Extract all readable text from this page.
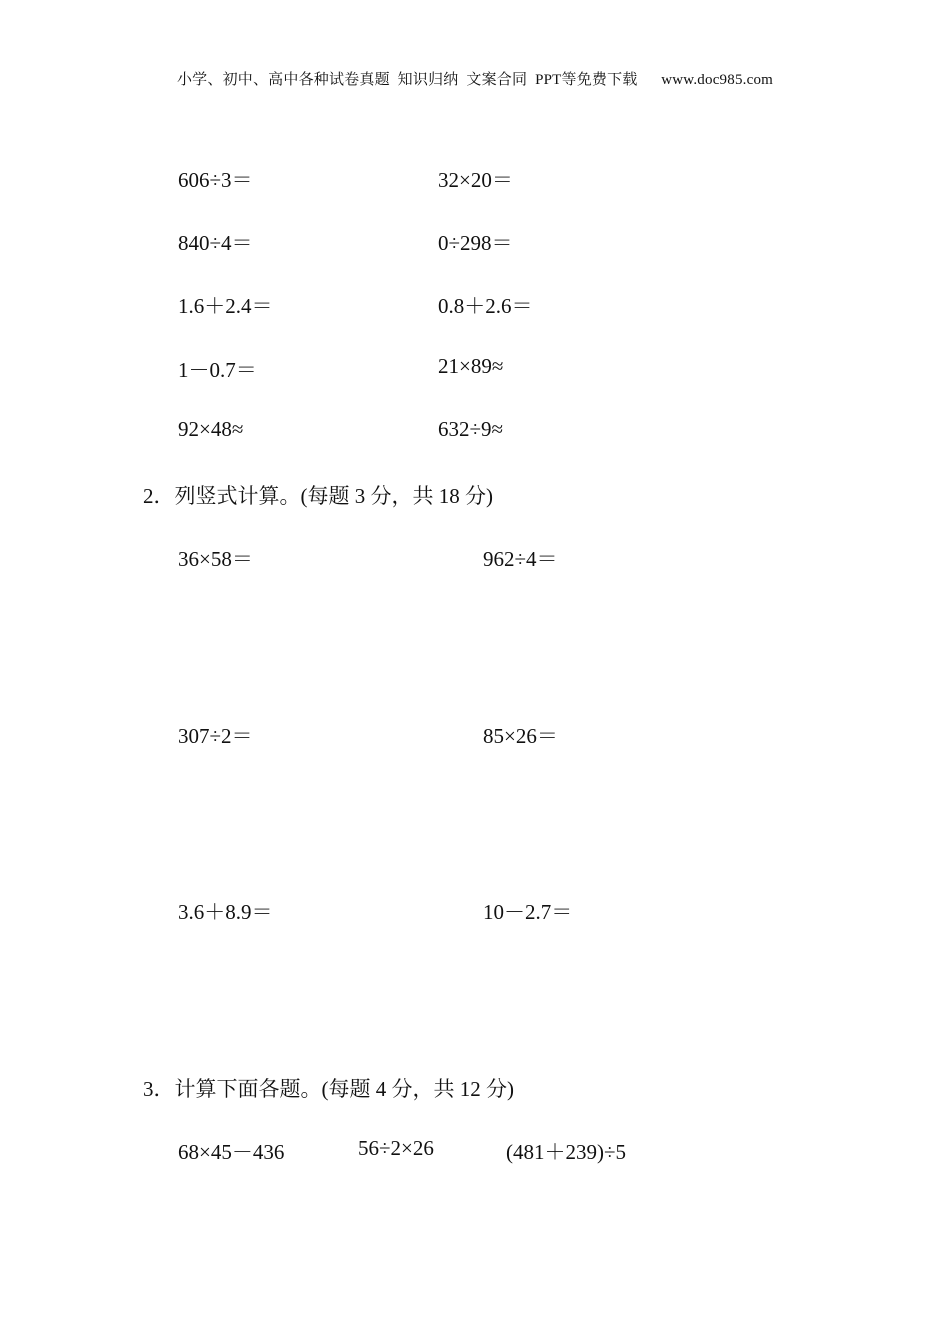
小学、初中、高中各种试卷真题  知识归纳  文案合同  PPT等免费下载      www.doc985.com
606÷3＝	32×20＝
840÷4＝	0÷298＝
1.6＋2.4＝	0.8＋2.6＝
1－0.7＝	21×89≈
92×48≈	632÷9≈
2．列竖式计算。(每题 3 分，共 18 分)
36×58＝	962÷4＝
307÷2＝	85×26＝
3.6＋8.9＝	10－2.7＝
3．计算下面各题。(每题 4 分，共 12 分)
68×45－436	56÷2×26	(481＋239)÷5
